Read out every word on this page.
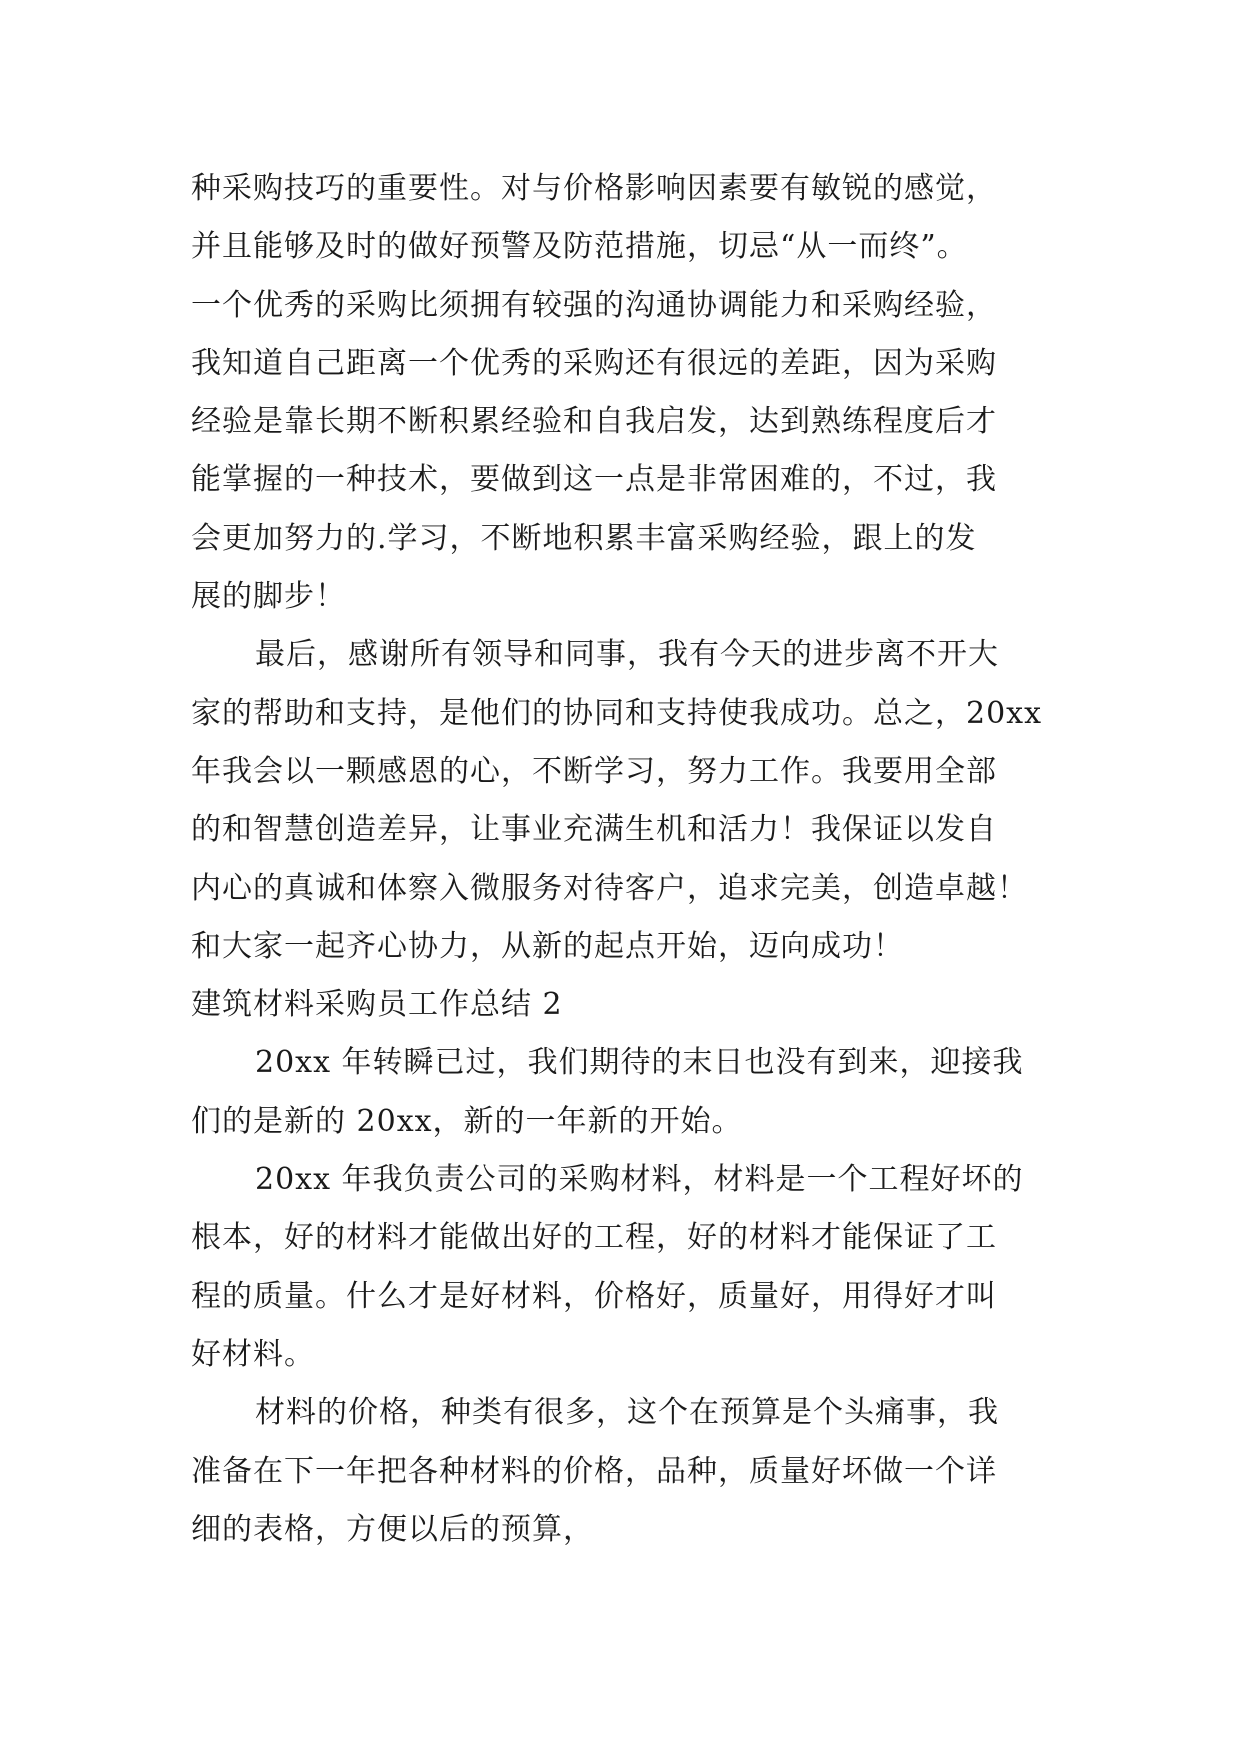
种采购技巧的重要性。对与价格影响因素要有敏锐的感觉，
并且能够及时的做好预警及防范措施，切忌“从一而终”。
一个优秀的采购比须拥有较强的沟通协调能力和采购经验，
我知道自己距离一个优秀的采购还有很远的差距，因为采购
经验是靠长期不断积累经验和自我启发，达到熟练程度后才
能掌握的一种技术，要做到这一点是非常困难的，不过，我
会更加努力的.学习，不断地积累丰富采购经验，跟上的发
展的脚步！
最后，感谢所有领导和同事，我有今天的进步离不开大
家的帮助和支持，是他们的协同和支持使我成功。总之，20xx
年我会以一颗感恩的心，不断学习，努力工作。我要用全部
的和智慧创造差异，让事业充满生机和活力！我保证以发自
内心的真诚和体察入微服务对待客户，追求完美，创造卓越！
和大家一起齐心协力，从新的起点开始，迈向成功！
建筑材料采购员工作总结 2
20xx 年转瞬已过，我们期待的末日也没有到来，迎接我
们的是新的 20xx，新的一年新的开始。
20xx 年我负责公司的采购材料，材料是一个工程好坏的
根本，好的材料才能做出好的工程，好的材料才能保证了工
程的质量。什么才是好材料，价格好，质量好，用得好才叫
好材料。
材料的价格，种类有很多，这个在预算是个头痛事，我
准备在下一年把各种材料的价格，品种，质量好坏做一个详
细的表格，方便以后的预算，
